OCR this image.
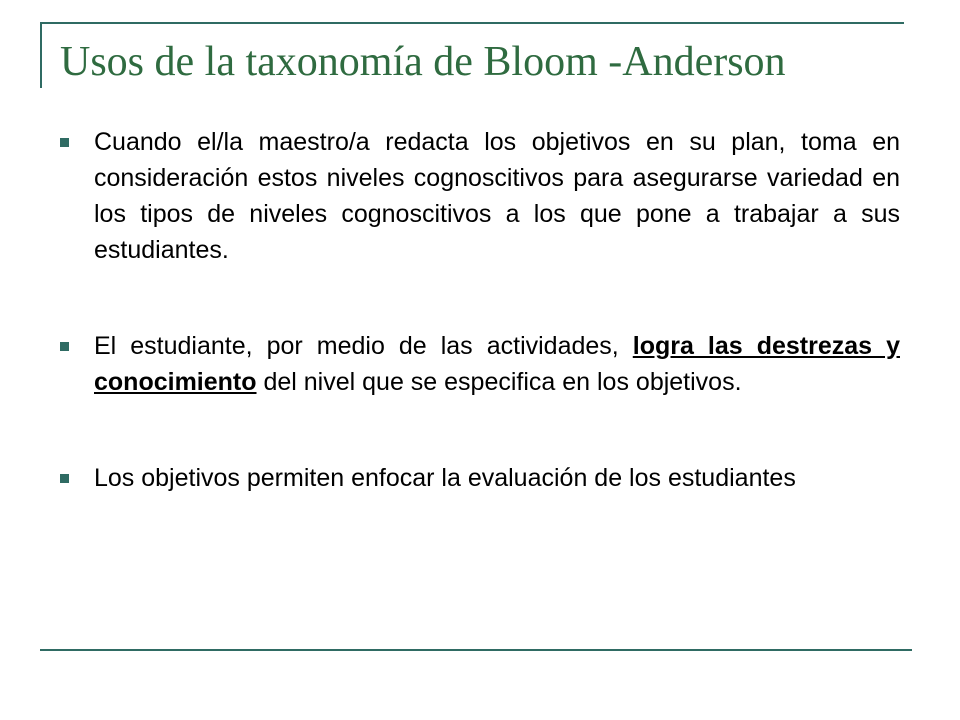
Usos de la taxonomía de Bloom -Anderson
Cuando el/la maestro/a redacta los objetivos en su plan, toma en consideración estos niveles cognoscitivos para asegurarse variedad en los tipos de niveles cognoscitivos a los que pone a trabajar a sus estudiantes.
El estudiante, por medio de las actividades, logra las destrezas y conocimiento del nivel que se especifica en los objetivos.
Los objetivos permiten enfocar la evaluación de los estudiantes
